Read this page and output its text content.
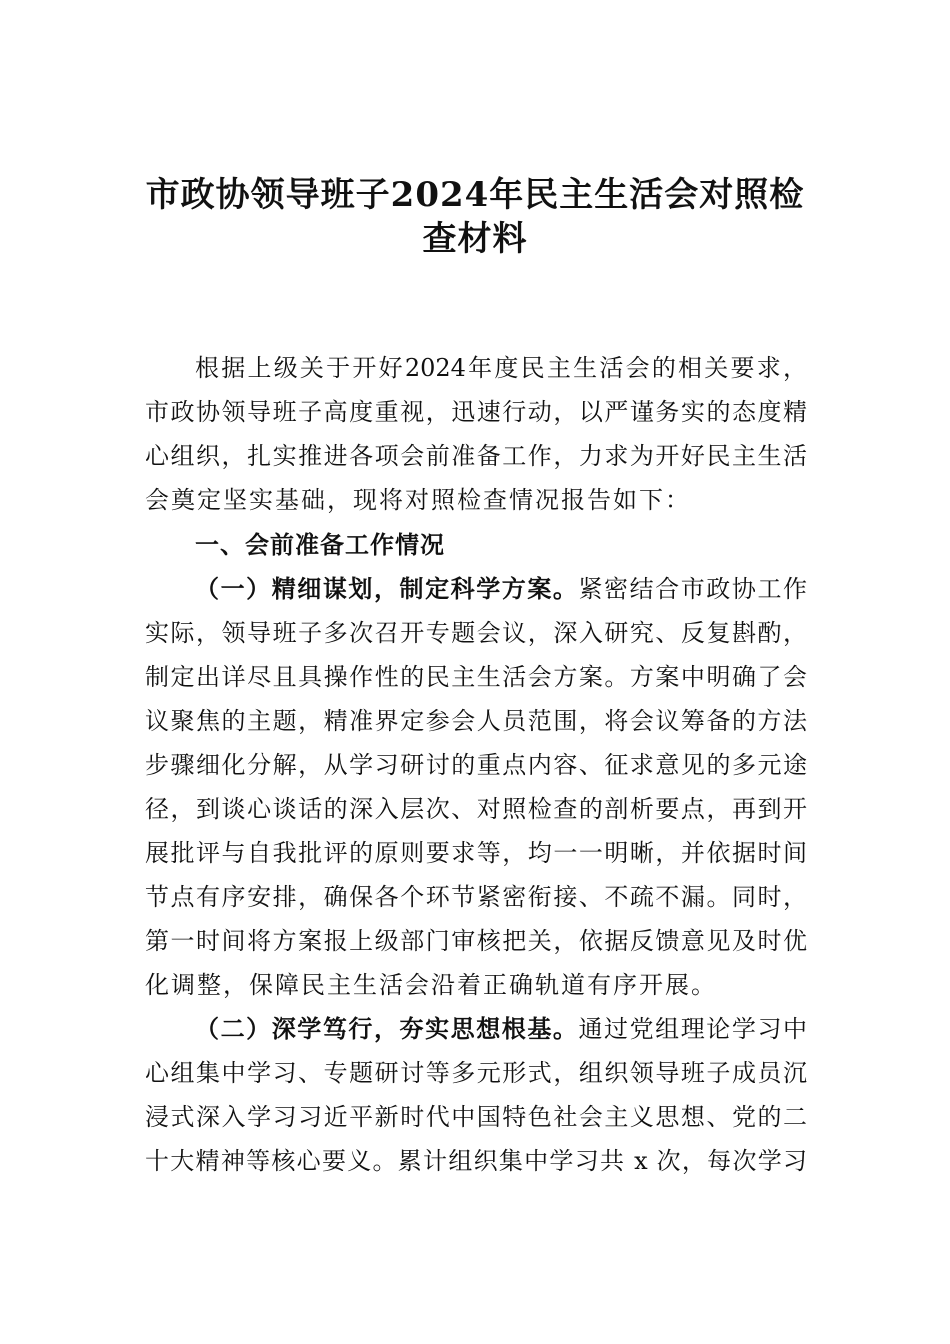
市政协领导班子2024年民主生活会对照检
查材料
根据上级关于开好2024年度民主生活会的相关要求，
市政协领导班子高度重视，迅速行动，以严谨务实的态度精
心组织，扎实推进各项会前准备工作，力求为开好民主生活
会奠定坚实基础，现将对照检查情况报告如下：
一、会前准备工作情况
（一）精细谋划，制定科学方案。紧密结合市政协工作
实际，领导班子多次召开专题会议，深入研究、反复斟酌，
制定出详尽且具操作性的民主生活会方案。方案中明确了会
议聚焦的主题，精准界定参会人员范围，将会议筹备的方法
步骤细化分解，从学习研讨的重点内容、征求意见的多元途
径，到谈心谈话的深入层次、对照检查的剖析要点，再到开
展批评与自我批评的原则要求等，均一一明晰，并依据时间
节点有序安排，确保各个环节紧密衔接、不疏不漏。同时，
第一时间将方案报上级部门审核把关，依据反馈意见及时优
化调整，保障民主生活会沿着正确轨道有序开展。
（二）深学笃行，夯实思想根基。通过党组理论学习中
心组集中学习、专题研讨等多元形式，组织领导班子成员沉
浸式深入学习习近平新时代中国特色社会主义思想、党的二
十大精神等核心要义。累计组织集中学习共 x 次，每次学习
